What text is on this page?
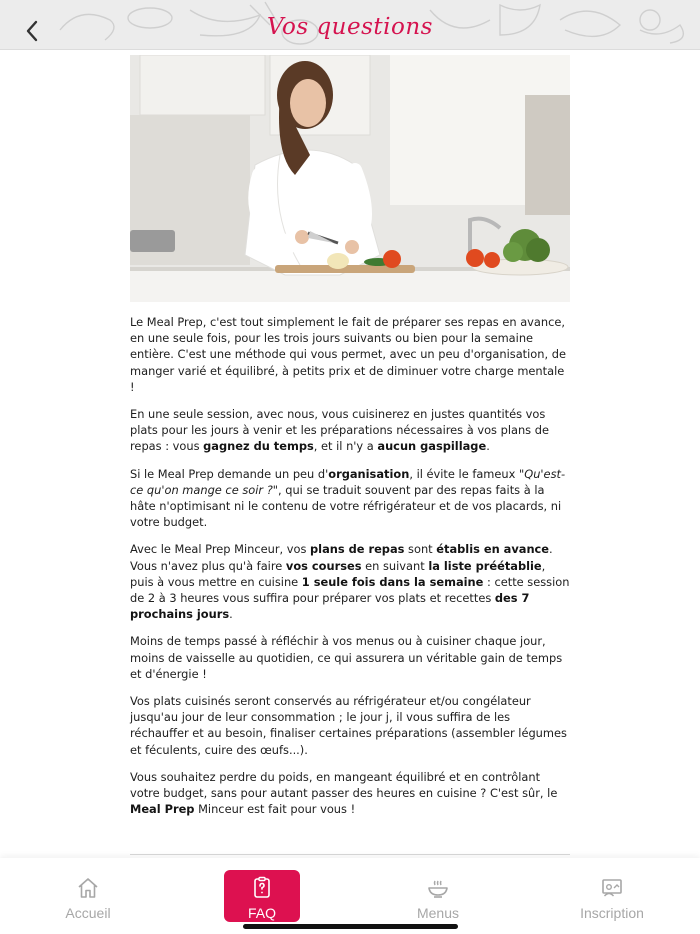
Vos questions

Le Meal Prep, c'est tout simplement le fait de préparer ses repas en avance, en une seule fois, pour les trois jours suivants ou bien pour la semaine entière. C'est une méthode qui vous permet, avec un peu d'organisation, de manger varié et équilibré, à petits prix et de diminuer votre charge mentale !

En une seule session, avec nous, vous cuisinerez en justes quantités vos plats pour les jours à venir et les préparations nécessaires à vos plans de repas : vous gagnez du temps, et il n'y a aucun gaspillage.

Si le Meal Prep demande un peu d'organisation, il évite le fameux "Qu'est-ce qu'on mange ce soir ?", qui se traduit souvent par des repas faits à la hâte n'optimisant ni le contenu de votre réfrigérateur et de vos placards, ni votre budget.

Avec le Meal Prep Minceur, vos plans de repas sont établis en avance. Vous n'avez plus qu'à faire vos courses en suivant la liste préétablie, puis à vous mettre en cuisine 1 seule fois dans la semaine : cette session de 2 à 3 heures vous suffira pour préparer vos plats et recettes des 7 prochains jours.

Moins de temps passé à réfléchir à vos menus ou à cuisiner chaque jour, moins de vaisselle au quotidien, ce qui assurera un véritable gain de temps et d'énergie !

Vos plats cuisinés seront conservés au réfrigérateur et/ou congélateur jusqu'au jour de leur consommation ; le jour j, il vous suffira de les réchauffer et au besoin, finaliser certaines préparations (assembler légumes et féculents, cuire des œufs...).

Vous souhaitez perdre du poids, en mangeant équilibré et en contrôlant votre budget, sans pour autant passer des heures en cuisine ? C'est sûr, le Meal Prep Minceur est fait pour vous !

Accueil	FAQ	Menus	Inscription
